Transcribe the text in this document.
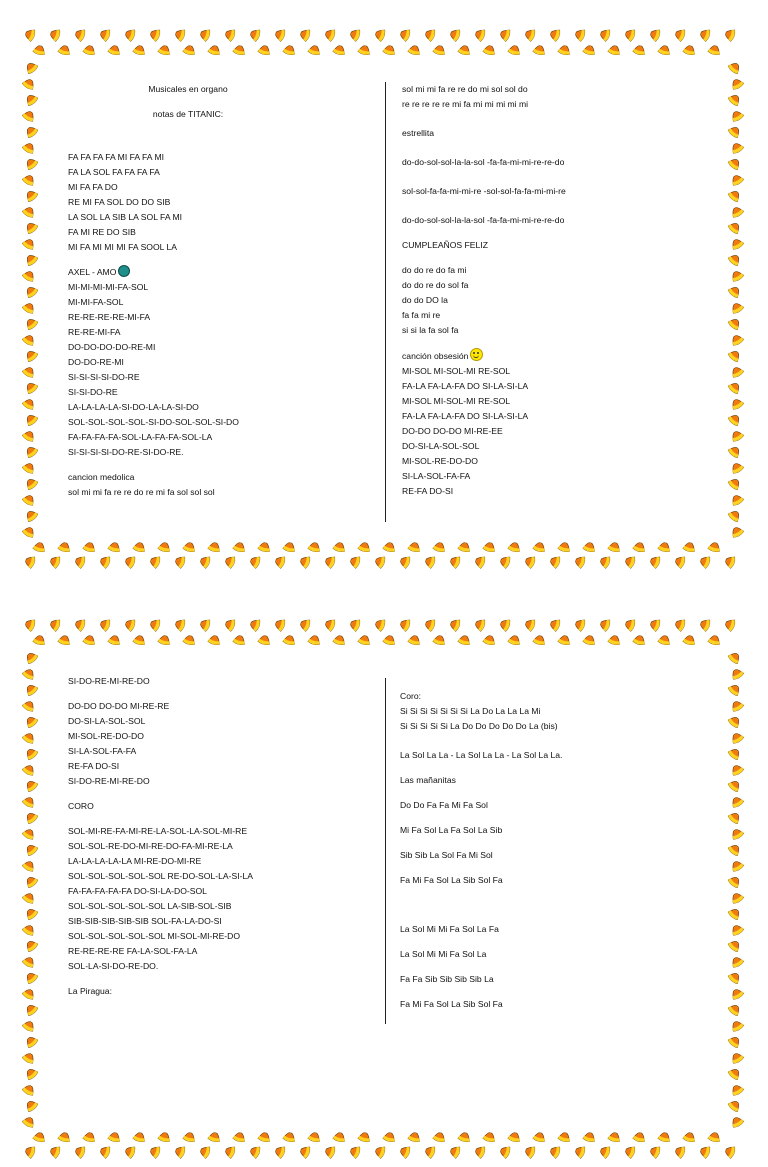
Musicales en organo
notas de TITANIC:
FA FA FA FA MI FA FA MI
FA LA SOL FA FA FA FA
MI FA FA DO
RE MI FA SOL DO DO SIB
LA SOL LA SIB LA SOL FA MI
FA MI RE DO SIB
MI FA MI MI MI FA SOOL LA
AXEL - AMO
MI-MI-MI-MI-FA-SOL
MI-MI-FA-SOL
RE-RE-RE-RE-MI-FA
RE-RE-MI-FA
DO-DO-DO-DO-RE-MI
DO-DO-RE-MI
SI-SI-SI-SI-DO-RE
SI-SI-DO-RE
LA-LA-LA-LA-SI-DO-LA-LA-SI-DO
SOL-SOL-SOL-SOL-SI-DO-SOL-SOL-SI-DO
FA-FA-FA-FA-SOL-LA-FA-FA-SOL-LA
SI-SI-SI-SI-DO-RE-SI-DO-RE.
cancion medolica
sol mi mi fa re re do re mi fa sol sol sol
sol mi mi fa re re do mi sol sol do
re re re re re mi fa mi mi mi mi mi
estrellita
do-do-sol-sol-la-la-sol -fa-fa-mi-mi-re-re-do
sol-sol-fa-fa-mi-mi-re -sol-sol-fa-fa-mi-mi-re
do-do-sol-sol-la-la-sol -fa-fa-mi-mi-re-re-do
CUMPLEAÑOS FELIZ
do do re do fa mi
do do re do sol fa
do do DO la
fa fa mi re
si si la fa sol fa
canción obsesión
MI-SOL MI-SOL-MI RE-SOL
FA-LA FA-LA-FA DO SI-LA-SI-LA
MI-SOL MI-SOL-MI RE-SOL
FA-LA FA-LA-FA DO SI-LA-SI-LA
DO-DO DO-DO MI-RE-EE
DO-SI-LA-SOL-SOL
MI-SOL-RE-DO-DO
SI-LA-SOL-FA-FA
RE-FA DO-SI
SI-DO-RE-MI-RE-DO
DO-DO DO-DO MI-RE-RE
DO-SI-LA-SOL-SOL
MI-SOL-RE-DO-DO
SI-LA-SOL-FA-FA
RE-FA DO-SI
SI-DO-RE-MI-RE-DO
CORO
SOL-MI-RE-FA-MI-RE-LA-SOL-LA-SOL-MI-RE
SOL-SOL-RE-DO-MI-RE-DO-FA-MI-RE-LA
LA-LA-LA-LA-LA MI-RE-DO-MI-RE
SOL-SOL-SOL-SOL-SOL RE-DO-SOL-LA-SI-LA
FA-FA-FA-FA-FA DO-SI-LA-DO-SOL
SOL-SOL-SOL-SOL-SOL LA-SIB-SOL-SIB
SIB-SIB-SIB-SIB-SIB SOL-FA-LA-DO-SI
SOL-SOL-SOL-SOL-SOL MI-SOL-MI-RE-DO
RE-RE-RE-RE FA-LA-SOL-FA-LA
SOL-LA-SI-DO-RE-DO.
La Piragua:
Coro:
Si Si Si Si Si Si Si La Do La La La Mi
Si Si Si Si Si La Do Do Do Do Do La (bis)
La Sol La La - La Sol La La - La Sol La La.
Las mañanitas
Do Do Fa Fa Mi Fa Sol
Mi Fa Sol La Fa Sol La Sib
Sib Sib La Sol Fa Mi Sol
Fa Mi Fa Sol La Sib Sol Fa
La Sol Mi Mi Fa Sol La Fa
La Sol Mi Mi Fa Sol La
Fa Fa Sib Sib Sib Sib La
Fa Mi Fa Sol La Sib Sol Fa
